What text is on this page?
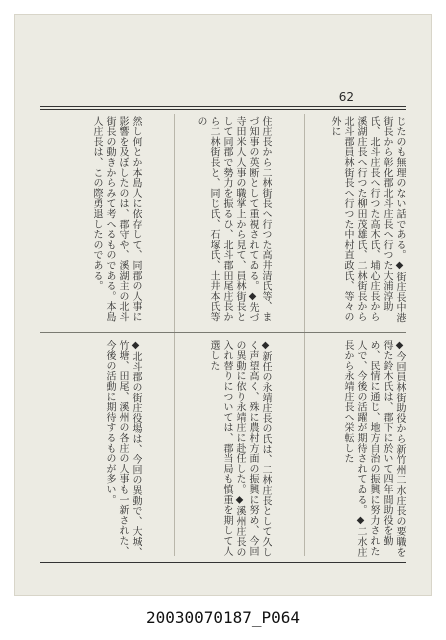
62
じたのも無理のない話である。◆街庄長中港街長から彰化郡北斗庄長へ行つた大浦淳助氏、北斗庄長へ行つた高木氏、埔心庄長から溪湖庄長へ行つた柳田茂雄氏、二林街長から北斗郡員林街長へ行つた中村直政氏、等々の外に
住庄長から二林街長へ行つた高井清氏等、まづ知事の英断として重視されてゐる。◆先づ寺田米人人事の職掌上から見て、員林街長として同郡で勢力を振るひ、北斗郡田尾庄長から二林街長と、同じ氏、石塚氏、土井本氏等の
然し何とか本島人に依存して、同郡の人事に影響を及ぼしたのは、郡守や、溪湖主の北斗街長の動きからみて考へるものである。本島人庄長は、この際勇退したのである。
◆今回員林街助役から新竹州二水庄長の要職を得た鈴木氏は、郡下に於いて四年間助役を勤め、民情に通じ、地方自治の振興に努力された人で、今後の活躍が期待されてゐる。◆二水庄長から永靖庄長へ栄転した
◆新任の永靖庄長の氏は、二林庄長として久しく声望高く、殊に農村方面の振興に努め、今回の異動に依り永靖庄に赴任した。◆溪州庄長の入れ替りについては、郡当局も慎重を期して人選した
◆北斗郡の街庄役場は、今回の異動で、大城、竹塘、田尾、溪州の各庄の人事も一新された、今後の活動に期待するものが多い。
20030070187_P064
